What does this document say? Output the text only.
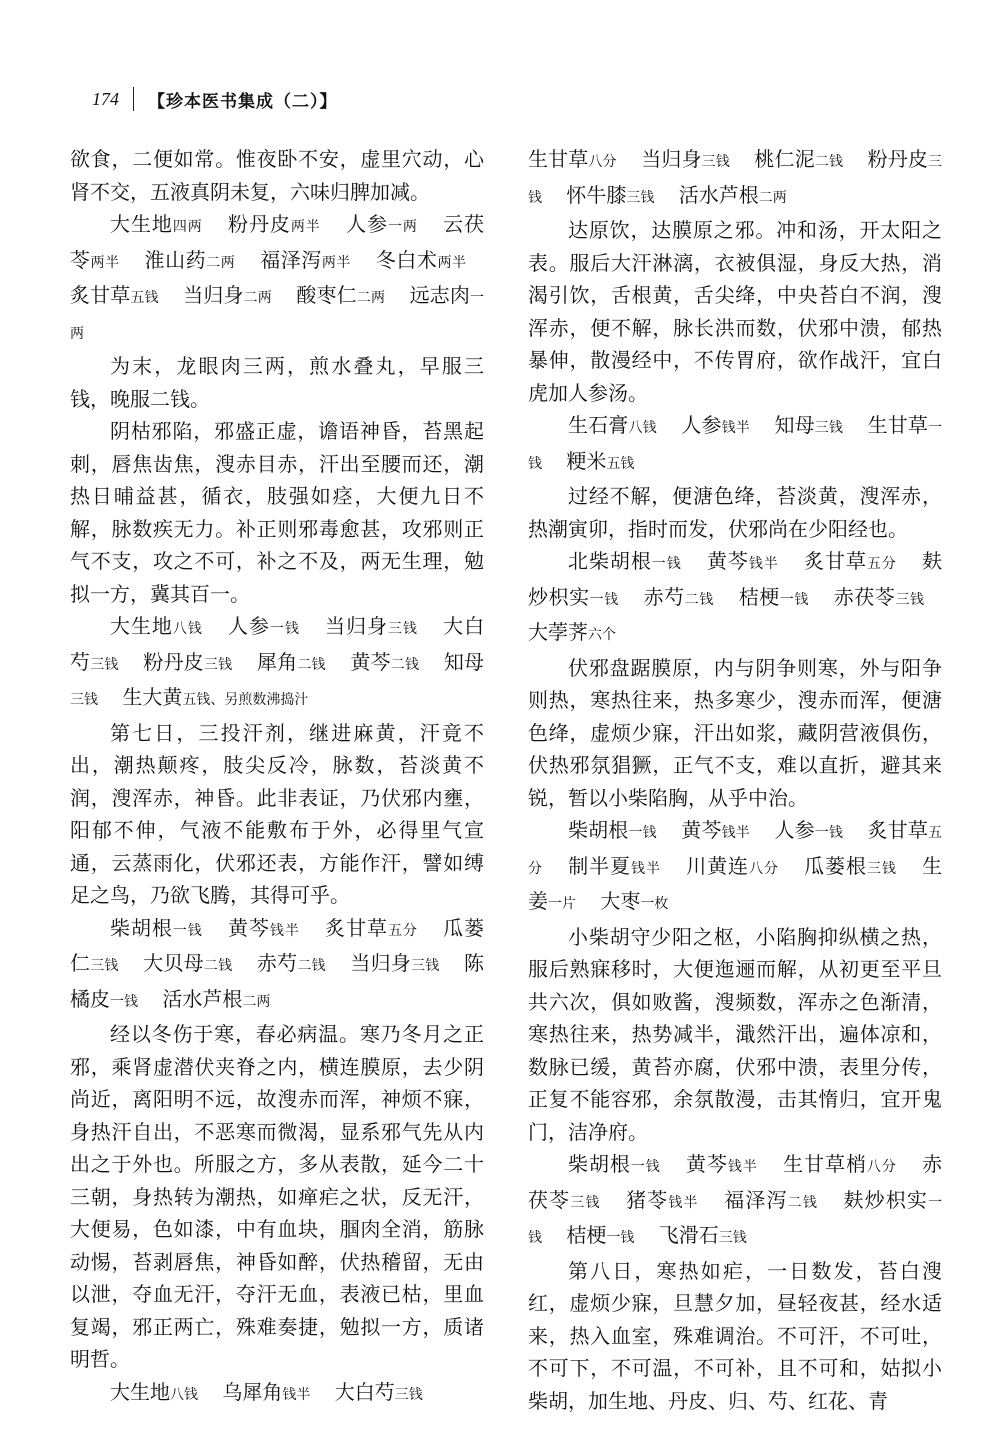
174 【珍本医书集成（二）】

欲食，二便如常。惟夜卧不安，虚里穴动，心肾不交，五液真阴未复，六味归脾加减。

大生地四两 粉丹皮两半 人参一两 云茯苓两半 淮山药二两 福泽泻两半 冬白术两半 炙甘草五钱 当归身二两 酸枣仁二两 远志肉一两

为末，龙眼肉三两，煎水叠丸，早服三钱，晚服二钱。

阴枯邪陷，邪盛正虚，谵语神昏，苔黑起刺，唇焦齿焦，溲赤目赤，汗出至腰而还，潮热日晡益甚，循衣，肢强如痉，大便九日不解，脉数疾无力。补正则邪毒愈甚，攻邪则正气不支，攻之不可，补之不及，两无生理，勉拟一方，冀其百一。

大生地八钱 人参一钱 当归身三钱 大白芍三钱 粉丹皮三钱 犀角二钱 黄芩二钱 知母三钱 生大黄五钱、另煎数沸捣汁

第七日，三投汗剂，继进麻黄，汗竟不出，潮热颠疼，肢尖反冷，脉数，苔淡黄不润，溲浑赤，神昏。此非表证，乃伏邪内壅，阳郁不伸，气液不能敷布于外，必得里气宣通，云蒸雨化，伏邪还表，方能作汗，譬如缚足之鸟，乃欲飞腾，其得可乎。

柴胡根一钱 黄芩钱半 炙甘草五分 瓜蒌仁三钱 大贝母二钱 赤芍二钱 当归身三钱 陈橘皮一钱 活水芦根二两

经以冬伤于寒，春必病温。寒乃冬月之正邪，乘肾虚潜伏夹脊之内，横连膜原，去少阴尚近，离阳明不远，故溲赤而浑，神烦不寐，身热汗自出，不恶寒而微渴，显系邪气先从内出之于外也。所服之方，多从表散，延今二十三朝，身热转为潮热，如瘅疟之状，反无汗，大便易，色如漆，中有血块，腘肉全消，筋脉动惕，苔剥唇焦，神昏如醉，伏热稽留，无由以泄，夺血无汗，夺汗无血，表液已枯，里血复竭，邪正两亡，殊难奏捷，勉拟一方，质诸明哲。

大生地八钱 乌犀角钱半 大白芍三钱

生甘草八分 当归身三钱 桃仁泥二钱 粉丹皮三钱 怀牛膝三钱 活水芦根二两

达原饮，达膜原之邪。冲和汤，开太阳之表。服后大汗淋漓，衣被俱湿，身反大热，消渴引饮，舌根黄，舌尖绛，中央苔白不润，溲浑赤，便不解，脉长洪而数，伏邪中溃，郁热暴伸，散漫经中，不传胃府，欲作战汗，宜白虎加人参汤。

生石膏八钱 人参钱半 知母三钱 生甘草一钱 粳米五钱

过经不解，便溏色绛，苔淡黄，溲浑赤，热潮寅卯，指时而发，伏邪尚在少阳经也。

北柴胡根一钱 黄芩钱半 炙甘草五分 麸炒枳实一钱 赤芍二钱 桔梗一钱 赤茯苓三钱 大荸荠六个

伏邪盘踞膜原，内与阴争则寒，外与阳争则热，寒热往来，热多寒少，溲赤而浑，便溏色绛，虚烦少寐，汗出如浆，藏阴营液俱伤，伏热邪氛猖獗，正气不支，难以直折，避其来锐，暂以小柴陷胸，从乎中治。

柴胡根一钱 黄芩钱半 人参一钱 炙甘草五分 制半夏钱半 川黄连八分 瓜蒌根三钱 生姜一片 大枣一枚

小柴胡守少阳之枢，小陷胸抑纵横之热，服后熟寐移时，大便迤逦而解，从初更至平旦共六次，俱如败酱，溲频数，浑赤之色渐清，寒热往来，热势减半，濈然汗出，遍体凉和，数脉已缓，黄苔亦腐，伏邪中溃，表里分传，正复不能容邪，余氛散漫，击其惰归，宜开鬼门，洁净府。

柴胡根一钱 黄芩钱半 生甘草梢八分 赤茯苓三钱 猪苓钱半 福泽泻二钱 麸炒枳实一钱 桔梗一钱 飞滑石三钱

第八日，寒热如疟，一日数发，苔白溲红，虚烦少寐，旦慧夕加，昼轻夜甚，经水适来，热入血室，殊难调治。不可汗，不可吐，不可下，不可温，不可补，且不可和，姑拟小柴胡，加生地、丹皮、归、芍、红花、青
